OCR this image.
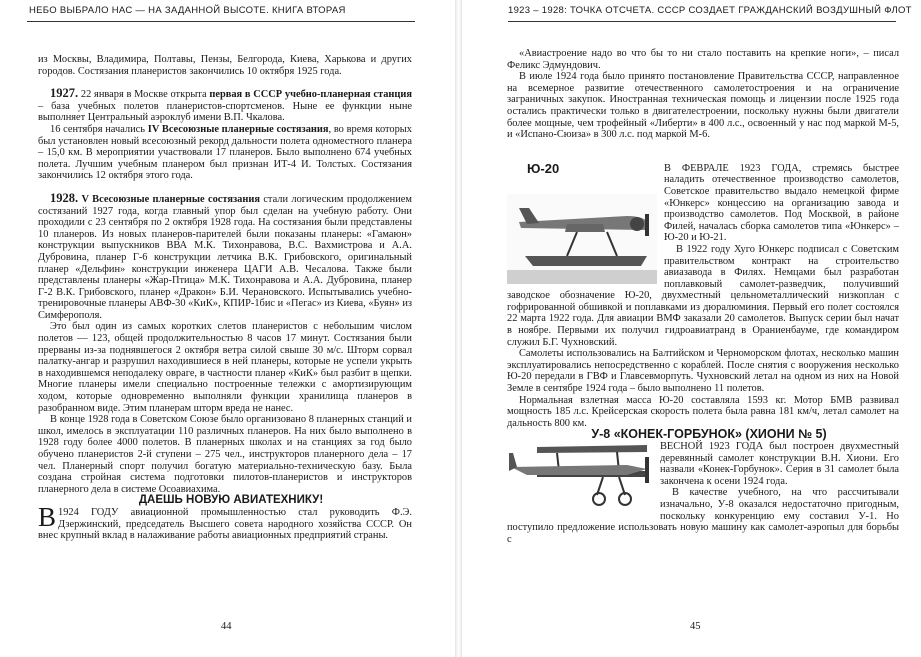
НЕБО ВЫБРАЛО НАС — НА ЗАДАННОЙ ВЫСОТЕ. КНИГА ВТОРАЯ

из Москвы, Владимира, Полтавы, Пензы, Белгорода, Киева, Харькова и других городов. Состязания планеристов закончились 10 октября 1925 года.

1927. 22 января в Москве открыта первая в СССР учебно-планерная станция – база учебных полетов планеристов-спортсменов. Ныне ее функции ныне выполняет Центральный аэроклуб имени В.П. Чкалова.

16 сентября начались IV Всесоюзные планерные состязания, во время которых был установлен новый всесоюзный рекорд дальности полета одноместного планера – 15,0 км. В мероприятии участвовали 17 планеров. Было выполнено 674 учебных полета. Лучшим учебным планером был признан ИТ-4 И. Толстых. Состязания закончились 12 октября этого года.

1928. V Всесоюзные планерные состязания стали логическим продолжением состязаний 1927 года, когда главный упор был сделан на учебную работу. Они проходили с 23 сентября по 2 октября 1928 года. На состязания были представлены 10 планеров. Из новых планеров-парителей были показаны планеры: «Гамаюн» конструкции выпускников ВВА М.К. Тихонравова, В.С. Вахмистрова и А.А. Дубровина, планер Г-6 конструкции летчика В.К. Грибовского, оригинальный планер «Дельфин» конструкции инженера ЦАГИ А.В. Чесалова. Также были представлены планеры «Жар-Птица» М.К. Тихонравова и А.А. Дубровина, планер Г-2 В.К. Грибовского, планер «Дракон» Б.И. Черановского. Испытывались учебно-тренировочные планеры АВФ-30 «КиК», КПИР-1бис и «Пегас» из Киева, «Буян» из Симферополя.

Это был один из самых коротких слетов планеристов с небольшим числом полетов — 123, общей продолжительностью 8 часов 17 минут. Состязания были прерваны из-за поднявшегося 2 октября ветра силой свыше 30 м/с. Шторм сорвал палатку-ангар и разрушил находившиеся в ней планеры, которые не успели укрыть в находившемся неподалеку овраге, в частности планер «КиК» был разбит в щепки. Многие планеры имели специально построенные тележки с амортизирующим ходом, которые одновременно выполняли функции хранилища планеров в разобранном виде. Этим планерам шторм вреда не нанес.

В конце 1928 года в Советском Союзе было организовано 8 планерных станций и школ, имелось в эксплуатации 110 различных планеров. На них было выполнено в 1928 году более 4000 полетов. В планерных школах и на станциях за год было обучено планеристов 2-й ступени – 275 чел., инструкторов планерного дела – 17 чел. Планерный спорт получил богатую материально-техническую базу. Была создана стройная система подготовки пилотов-планеристов и инструкторов планерного дела в системе Осоавиахима.

ДАЕШЬ НОВУЮ АВИАТЕХНИКУ!

В 1924 ГОДУ авиационной промышленностью стал руководить Ф.Э. Дзержинский, председатель Высшего совета народного хозяйства СССР. Он внес крупный вклад в налаживание работы авиационных предприятий страны.

44
1923 – 1928: ТОЧКА ОТСЧЕТА. СССР СОЗДАЕТ ГРАЖДАНСКИЙ ВОЗДУШНЫЙ ФЛОТ

«Авиастроение надо во что бы то ни стало поставить на крепкие ноги», – писал Феликс Эдмундович.

В июле 1924 года было принято постановление Правительства СССР, направленное на всемерное развитие отечественного самолетостроения и на ограничение заграничных закупок. Иностранная техническая помощь и лицензии после 1925 года остались практически только в двигателестроении, поскольку нужны были двигатели более мощные, чем трофейный «Либерти» в 400 л.с., освоенный у нас под маркой М-5, и «Испано-Сюиза» в 300 л.с. под маркой М-6.

Ю-20	В ФЕВРАЛЕ 1923 ГОДА, стремясь быстрее наладить отечественное производство самолетов, Советское правительство выдало немецкой фирме «Юнкерс» концессию на организацию завода и производство самолетов. Под Москвой, в районе Филей, началась сборка самолетов типа «Юнкерс» – Ю-20 и Ю-21.

В 1922 году Хуго Юнкерс подписал с Советским правительством контракт на строительство авиазавода в Филях. Немцами был разработан поплавковый самолет-разведчик, получивший заводское обозначение Ю-20, двухместный цельнометаллический низкоплан с гофрированной обшивкой и поплавками из дюралюминия. Первый его полет состоялся 22 марта 1922 года. Для авиации ВМФ заказали 20 самолетов. Выпуск серии был начат в ноябре. Первыми их получил гидроавиатранд в Ораниенбауме, где командиром служил Б.Г. Чухновский.

Самолеты использовались на Балтийском и Черноморском флотах, несколько машин эксплуатировались непосредственно с кораблей. После снятия с вооружения несколько Ю-20 передали в ГВФ и Главсевморпуть. Чухновский летал на одном из них на Новой Земле в сентябре 1924 года – было выполнено 11 полетов.

Нормальная взлетная масса Ю-20 составляла 1593 кг. Мотор БМВ развивал мощность 185 л.с. Крейсерская скорость полета была равна 181 км/ч, летал самолет на дальность 800 км.

У-8 «КОНЕК-ГОРБУНОК» (ХИОНИ № 5)

ВЕСНОЙ 1923 ГОДА был построен двухместный деревянный самолет конструкции В.Н. Хиони. Его назвали «Конек-Горбунок». Серия в 31 самолет была закончена к осени 1924 года.

В качестве учебного, на что рассчитывали изначально, У-8 оказался недостаточно пригодным, поскольку конкуренцию ему составил У-1. Но поступило предложение использовать новую машину как самолет-аэропыл для борьбы с

45
